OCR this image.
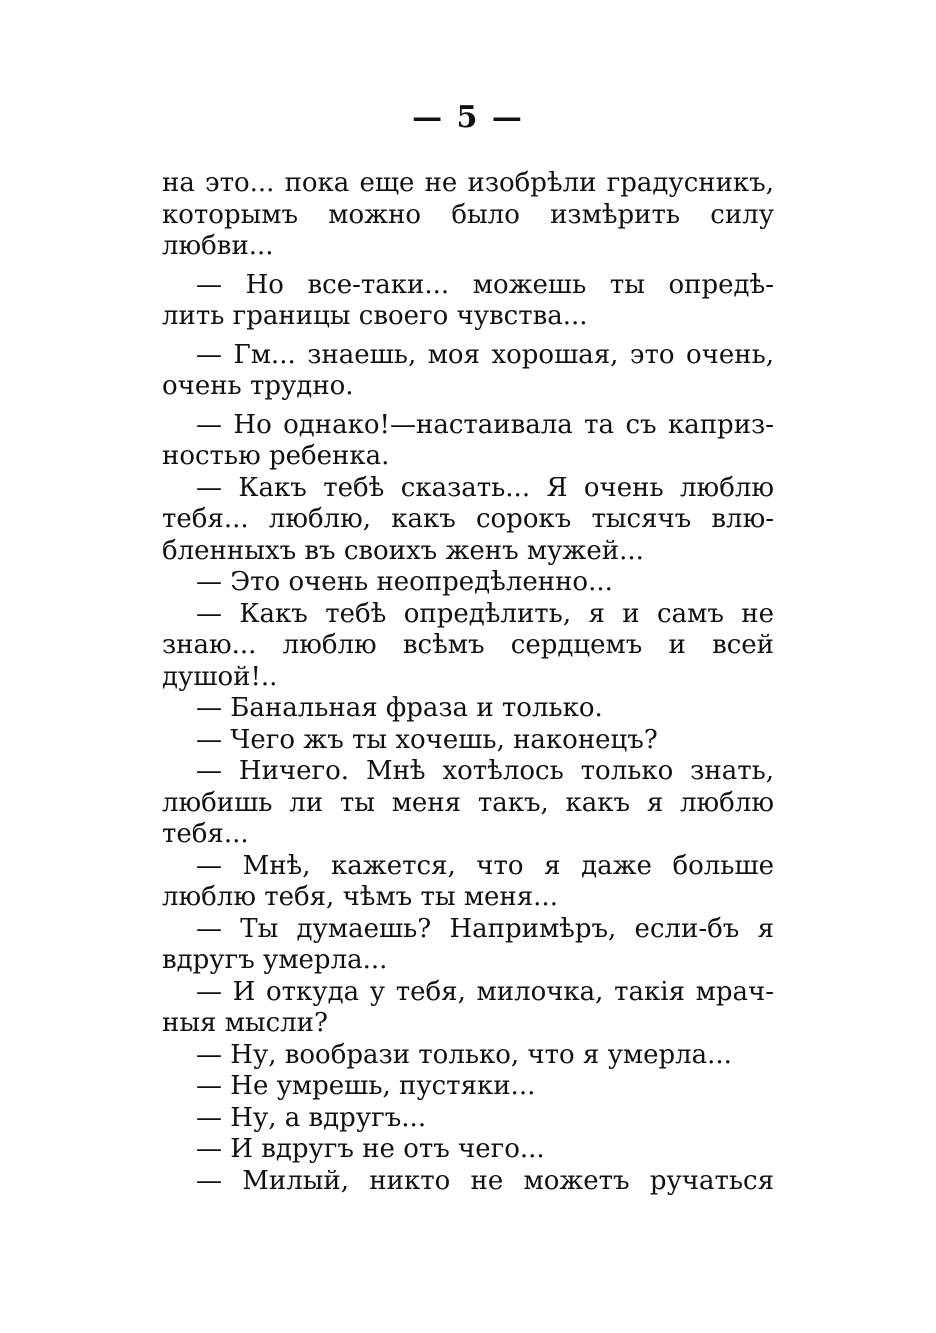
— 5 —
на это... пока еще не изобрѣли градусникъ,
которымъ можно было измѣрить силу
любви...
— Но все-таки... можешь ты опредѣ-
лить границы своего чувства...
— Гм... знаешь, моя хорошая, это очень,
очень трудно.
— Но однако!—настаивала та съ каприз-
ностью ребенка.
— Какъ тебѣ сказать... Я очень люблю
тебя... люблю, какъ сорокъ тысячъ влю-
бленныхъ въ своихъ женъ мужей...
— Это очень неопредѣленно...
— Какъ тебѣ опредѣлить, я и самъ не
знаю... люблю всѣмъ сердцемъ и всей
душой!..
— Банальная фраза и только.
— Чего жъ ты хочешь, наконецъ?
— Ничего. Мнѣ хотѣлось только знать,
любишь ли ты меня такъ, какъ я люблю
тебя...
— Мнѣ, кажется, что я даже больше
люблю тебя, чѣмъ ты меня...
— Ты думаешь? Напримѣръ, если-бъ я
вдругъ умерла...
— И откуда у тебя, милочка, такія мрач-
ныя мысли?
— Ну, вообрази только, что я умерла...
— Не умрешь, пустяки...
— Ну, а вдругъ...
— И вдругъ не отъ чего...
— Милый, никто не можетъ ручаться
